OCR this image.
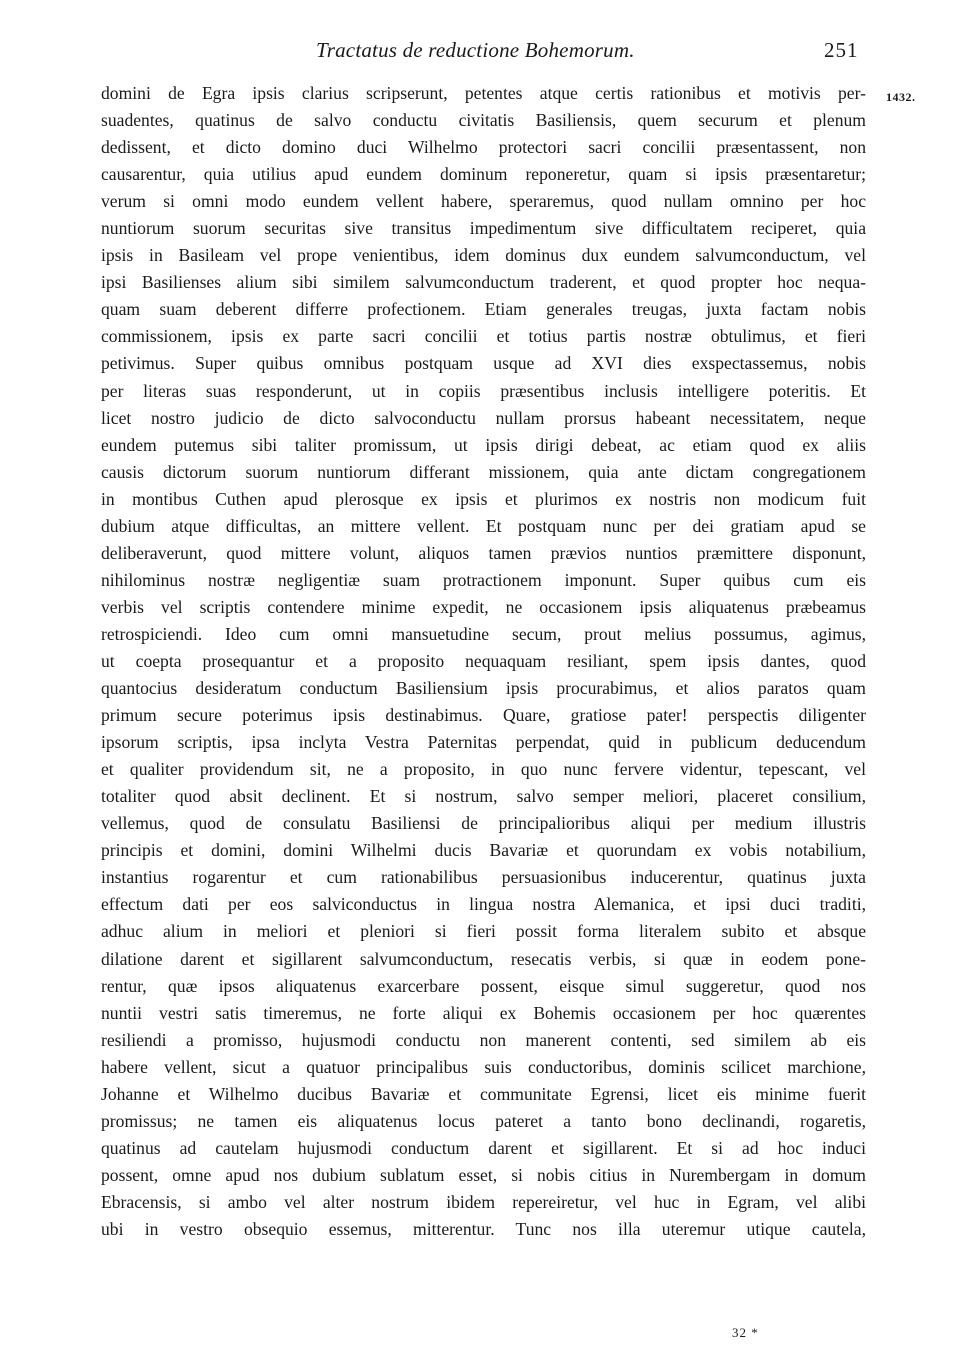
Tractatus de reductione Bohemorum.	251
1432.
domini de Egra ipsis clarius scripserunt, petentes atque certis rationibus et motivis per-
suadentes, quatinus de salvo conductu civitatis Basiliensis, quem securum et plenum
dedissent, et dicto domino duci Wilhelmo protectori sacri concilii præsentassent, non
causarentur, quia utilius apud eundem dominum reponeretur, quam si ipsis præsentaretur;
verum si omni modo eundem vellent habere, speraremus, quod nullam omnino per hoc
nuntiorum suorum securitas sive transitus impedimentum sive difficultatem reciperet, quia
ipsis in Basileam vel prope venientibus, idem dominus dux eundem salvumconductum, vel
ipsi Basilienses alium sibi similem salvumconductum traderent, et quod propter hoc nequa-
quam suam deberent differre profectionem. Etiam generales treugas, juxta factam nobis
commissionem, ipsis ex parte sacri concilii et totius partis nostræ obtulimus, et fieri
petivimus. Super quibus omnibus postquam usque ad XVI dies exspectassemus, nobis
per literas suas responderunt, ut in copiis præsentibus inclusis intelligere poteritis. Et
licet nostro judicio de dicto salvoconductu nullam prorsus habeant necessitatem, neque
eundem putemus sibi taliter promissum, ut ipsis dirigi debeat, ac etiam quod ex aliis
causis dictorum suorum nuntiorum differant missionem, quia ante dictam congregationem
in montibus Cuthen apud plerosque ex ipsis et plurimos ex nostris non modicum fuit
dubium atque difficultas, an mittere vellent. Et postquam nunc per dei gratiam apud se
deliberaverunt, quod mittere volunt, aliquos tamen prævios nuntios præmittere disponunt,
nihilominus nostræ negligentiæ suam protractionem imponunt. Super quibus cum eis
verbis vel scriptis contendere minime expedit, ne occasionem ipsis aliquatenus præbeamus
retrospiciendi. Ideo cum omni mansuetudine secum, prout melius possumus, agimus,
ut coepta prosequantur et a proposito nequaquam resiliant, spem ipsis dantes, quod
quantocius desideratum conductum Basiliensium ipsis procurabimus, et alios paratos quam
primum secure poterimus ipsis destinabimus. Quare, gratiose pater! perspectis diligenter
ipsorum scriptis, ipsa inclyta Vestra Paternitas perpendat, quid in publicum deducendum
et qualiter providendum sit, ne a proposito, in quo nunc fervere videntur, tepescant, vel
totaliter quod absit declinent. Et si nostrum, salvo semper meliori, placeret consilium,
vellemus, quod de consulatu Basiliensi de principalioribus aliqui per medium illustris
principis et domini, domini Wilhelmi ducis Bavariæ et quorundam ex vobis notabilium,
instantius rogarentur et cum rationabilibus persuasionibus inducerentur, quatinus juxta
effectum dati per eos salviconductus in lingua nostra Alemanica, et ipsi duci traditi,
adhuc alium in meliori et pleniori si fieri possit forma literalem subito et absque
dilatione darent et sigillarent salvumconductum, resecatis verbis, si quæ in eodem pone-
rentur, quæ ipsos aliquatenus exarcerbare possent, eisque simul suggeretur, quod nos
nuntii vestri satis timeremus, ne forte aliqui ex Bohemis occasionem per hoc quærentes
resiliendi a promisso, hujusmodi conductu non manerent contenti, sed similem ab eis
habere vellent, sicut a quatuor principalibus suis conductoribus, dominis scilicet marchione,
Johanne et Wilhelmo ducibus Bavariæ et communitate Egrensi, licet eis minime fuerit
promissus; ne tamen eis aliquatenus locus pateret a tanto bono declinandi, rogaretis,
quatinus ad cautelam hujusmodi conductum darent et sigillarent. Et si ad hoc induci
possent, omne apud nos dubium sublatum esset, si nobis citius in Nurembergam in domum
Ebracensis, si ambo vel alter nostrum ibidem repereiretur, vel huc in Egram, vel alibi
ubi in vestro obsequio essemus, mitterentur. Tunc nos illa uteremur utique cautela,
32 *
